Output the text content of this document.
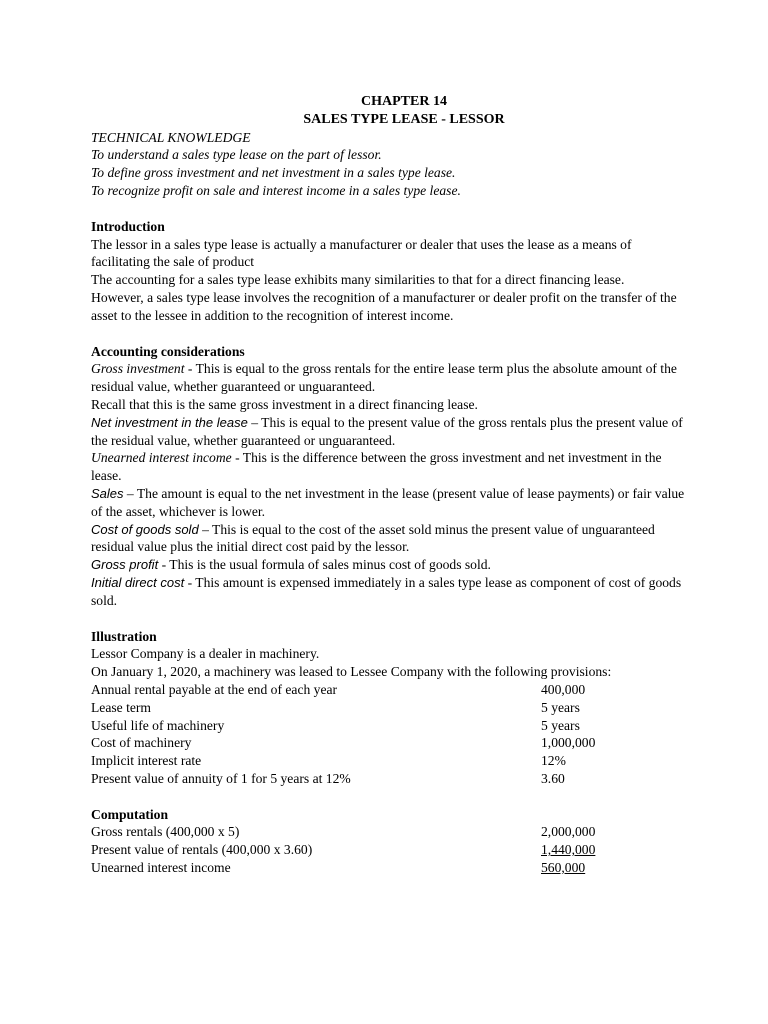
CHAPTER 14

SALES TYPE LEASE - LESSOR

TECHNICAL KNOWLEDGE

To understand a sales type lease on the part of lessor.

To define gross investment and net investment in a sales type lease.

To recognize profit on sale and interest income in a sales type lease.

Introduction

The lessor in a sales type lease is actually a manufacturer or dealer that uses the lease as a means of facilitating the sale of product

The accounting for a sales type lease exhibits many similarities to that for a direct financing lease.

However, a sales type lease involves the recognition of a manufacturer or dealer profit on the transfer of the asset to the lessee in addition to the recognition of interest income.

Accounting considerations

Gross investment - This is equal to the gross rentals for the entire lease term plus the absolute amount of the residual value, whether guaranteed or unguaranteed.

Recall that this is the same gross investment in a direct financing lease.

Net investment in the lease – This is equal to the present value of the gross rentals plus the present value of the residual value, whether guaranteed or unguaranteed.

Unearned interest income - This is the difference between the gross investment and net investment in the lease.

Sales – The amount is equal to the net investment in the lease (present value of lease payments) or fair value of the asset, whichever is lower.

Cost of goods sold – This is equal to the cost of the asset sold minus the present value of unguaranteed residual value plus the initial direct cost paid by the lessor.

Gross profit - This is the usual formula of sales minus cost of goods sold.

Initial direct cost - This amount is expensed immediately in a sales type lease as component of cost of goods sold.

Illustration

Lessor Company is a dealer in machinery.

On January 1, 2020, a machinery was leased to Lessee Company with the following provisions:

Annual rental payable at the end of each year	400,000
Lease term	5 years
Useful life of machinery	5 years
Cost of machinery	1,000,000
Implicit interest rate	12%
Present value of annuity of 1 for 5 years at 12%	3.60

Computation

Gross rentals (400,000 x 5)	2,000,000
Present value of rentals (400,000 x 3.60)	1,440,000
Unearned interest income	560,000
